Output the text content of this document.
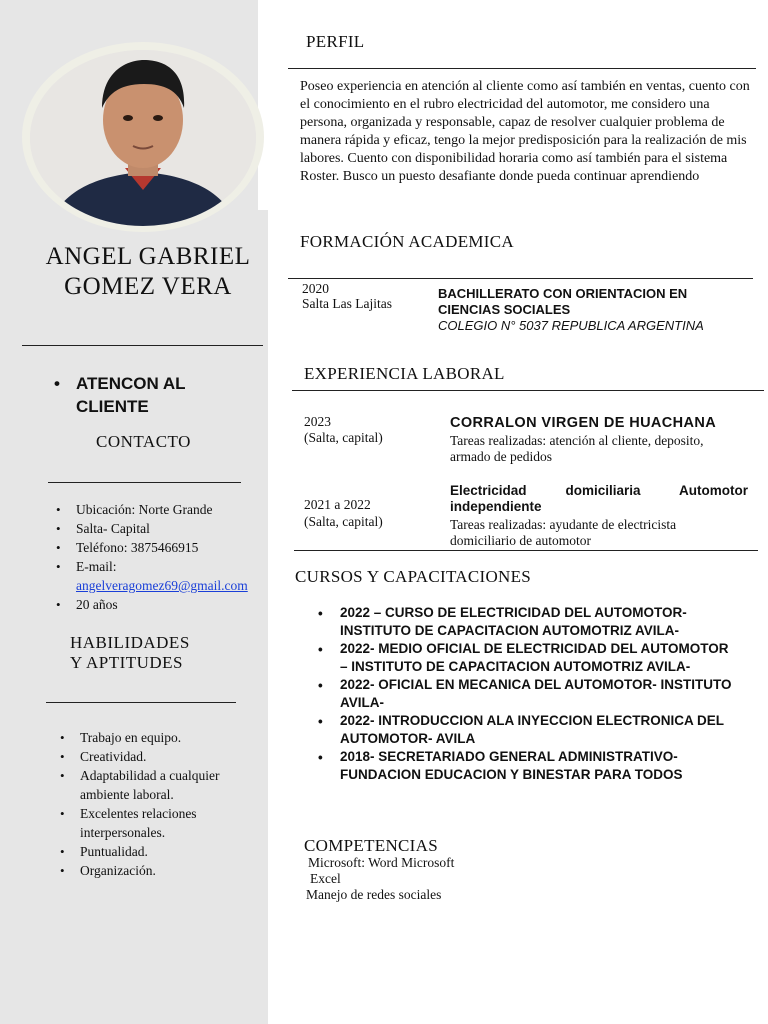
ANGEL GABRIEL
GOMEZ VERA
• ATENCON AL CLIENTE
CONTACTO
• Ubicación: Norte Grande
• Salta- Capital
• Teléfono: 3875466915
• E-mail:
angelveragomez69@gmail.com
• 20 años
HABILIDADES
Y APTITUDES
• Trabajo en equipo.
• Creatividad.
• Adaptabilidad a cualquier ambiente laboral.
• Excelentes relaciones interpersonales.
• Puntualidad.
• Organización.
PERFIL
Poseo experiencia en atención al cliente como así también en ventas, cuento con el conocimiento en el rubro electricidad del automotor, me considero una persona, organizada y responsable, capaz de resolver cualquier problema de manera rápida y eficaz, tengo la mejor predisposición para la realización de mis labores. Cuento con disponibilidad horaria como así también para el sistema Roster. Busco un puesto desafiante donde pueda continuar aprendiendo
FORMACIÓN ACADEMICA
2020
Salta Las Lajitas
BACHILLERATO CON ORIENTACION EN CIENCIAS SOCIALES
COLEGIO N° 5037 REPUBLICA ARGENTINA
EXPERIENCIA LABORAL
2023
(Salta, capital)
CORRALON VIRGEN DE HUACHANA
Tareas realizadas: atención al cliente, deposito, armado de pedidos
2021 a 2022
(Salta, capital)
Electricidad domiciliaria Automotor independiente
Tareas realizadas: ayudante de electricista domiciliario de automotor
CURSOS Y CAPACITACIONES
• 2022 – CURSO DE ELECTRICIDAD DEL AUTOMOTOR- INSTITUTO DE CAPACITACION AUTOMOTRIZ AVILA-
• 2022- MEDIO OFICIAL DE ELECTRICIDAD DEL AUTOMOTOR – INSTITUTO DE CAPACITACION AUTOMOTRIZ AVILA-
• 2022- OFICIAL EN MECANICA DEL AUTOMOTOR- INSTITUTO AVILA-
• 2022- INTRODUCCION ALA INYECCION ELECTRONICA DEL AUTOMOTOR- AVILA
• 2018- SECRETARIADO GENERAL ADMINISTRATIVO- FUNDACION EDUCACION Y BINESTAR PARA TODOS
COMPETENCIAS
Microsoft: Word Microsoft
Excel
Manejo de redes sociales
